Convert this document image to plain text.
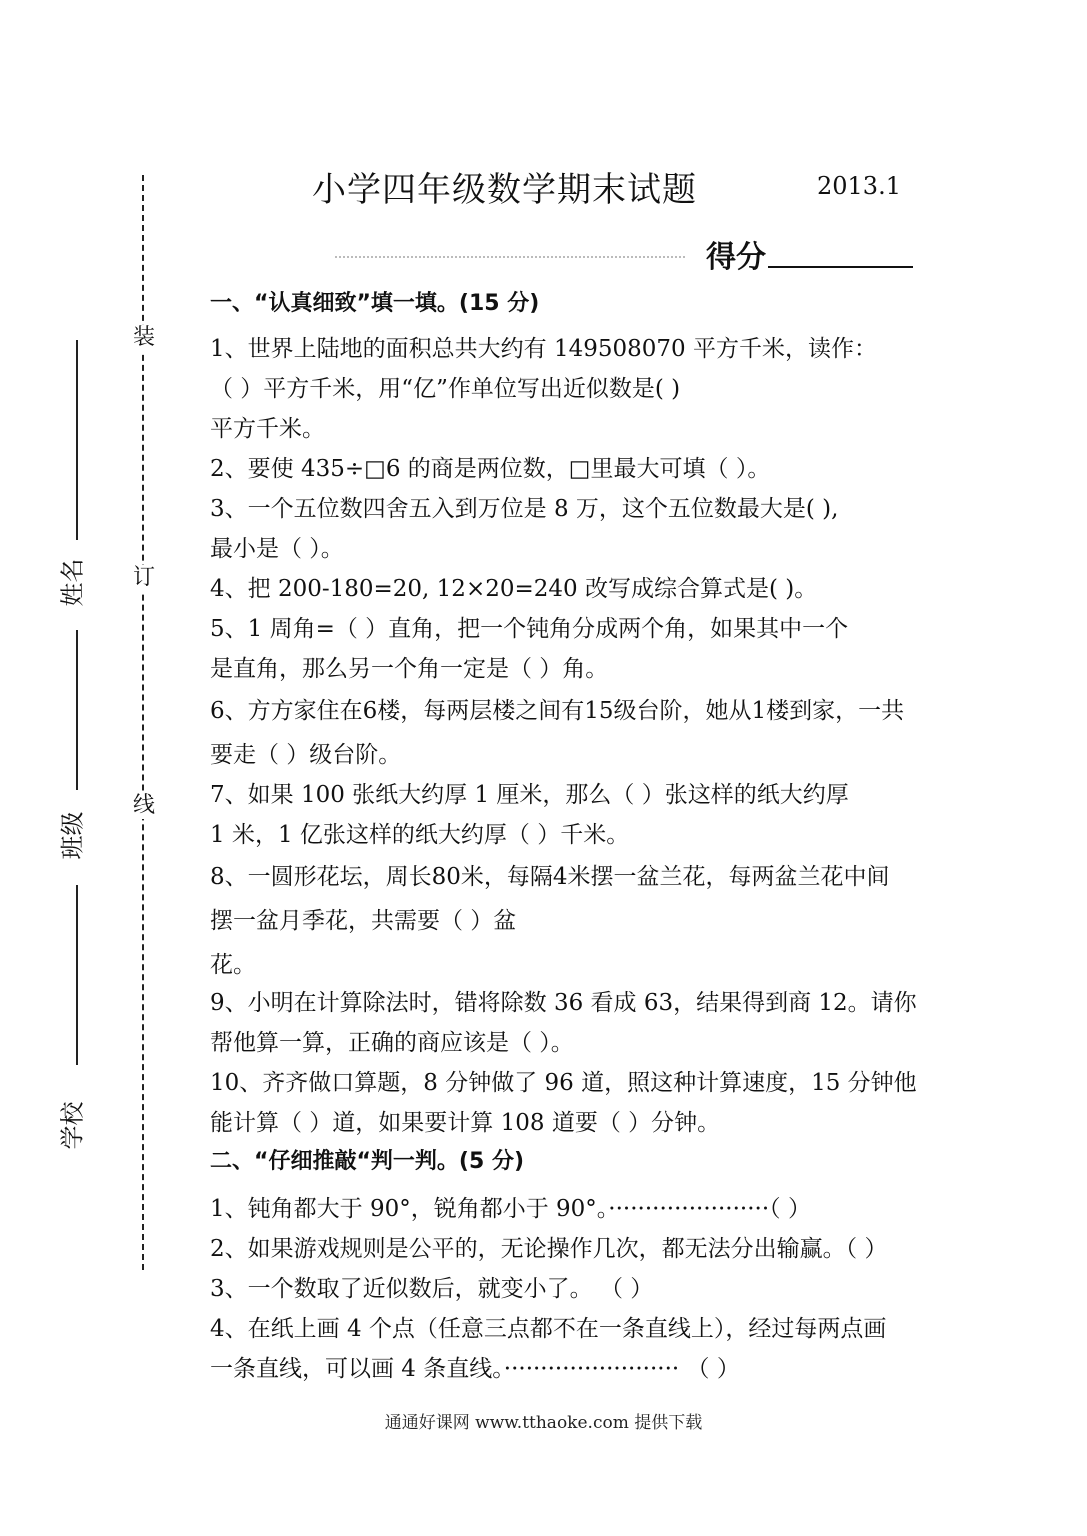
装
订
线
姓名
班级
学校
小学四年级数学期末试题	2013.1
得分
一、“认真细致”填一填。(15 分)
1、世界上陆地的面积总共大约有 149508070 平方千米，读作：
（ ）平方千米，用“亿”作单位写出近似数是( )
平方千米。
2、要使 435÷□6 的商是两位数，□里最大可填（ ）。
3、一个五位数四舍五入到万位是 8 万，这个五位数最大是( ),
最小是（ ）。
4、把 200-180=20, 12×20=240 改写成综合算式是( )。
5、1 周角=（ ）直角，把一个钝角分成两个角，如果其中一个
是直角，那么另一个角一定是（ ）角。
6、方方家住在6楼，每两层楼之间有15级台阶，她从1楼到家，一共
要走（ ）级台阶。
7、如果 100 张纸大约厚 1 厘米，那么（ ）张这样的纸大约厚
1 米，1 亿张这样的纸大约厚（ ）千米。
8、一圆形花坛，周长80米，每隔4米摆一盆兰花，每两盆兰花中间
摆一盆月季花，共需要（ ）盆
花。
9、小明在计算除法时，错将除数 36 看成 63，结果得到商 12。请你
帮他算一算，正确的商应该是（ ）。
10、齐齐做口算题，8 分钟做了 96 道，照这种计算速度，15 分钟他
能计算（ ）道，如果要计算 108 道要（ ）分钟。
二、“仔细推敲“判一判。(5 分)
1、钝角都大于 90°，锐角都小于 90°。······················（ ）
2、如果游戏规则是公平的，无论操作几次，都无法分出输赢。（ ）
3、一个数取了近似数后，就变小了。 （ ）
4、在纸上画 4 个点（任意三点都不在一条直线上），经过每两点画
一条直线，可以画 4 条直线。························ （ ）
通通好课网 www.tthaoke.com 提供下载
